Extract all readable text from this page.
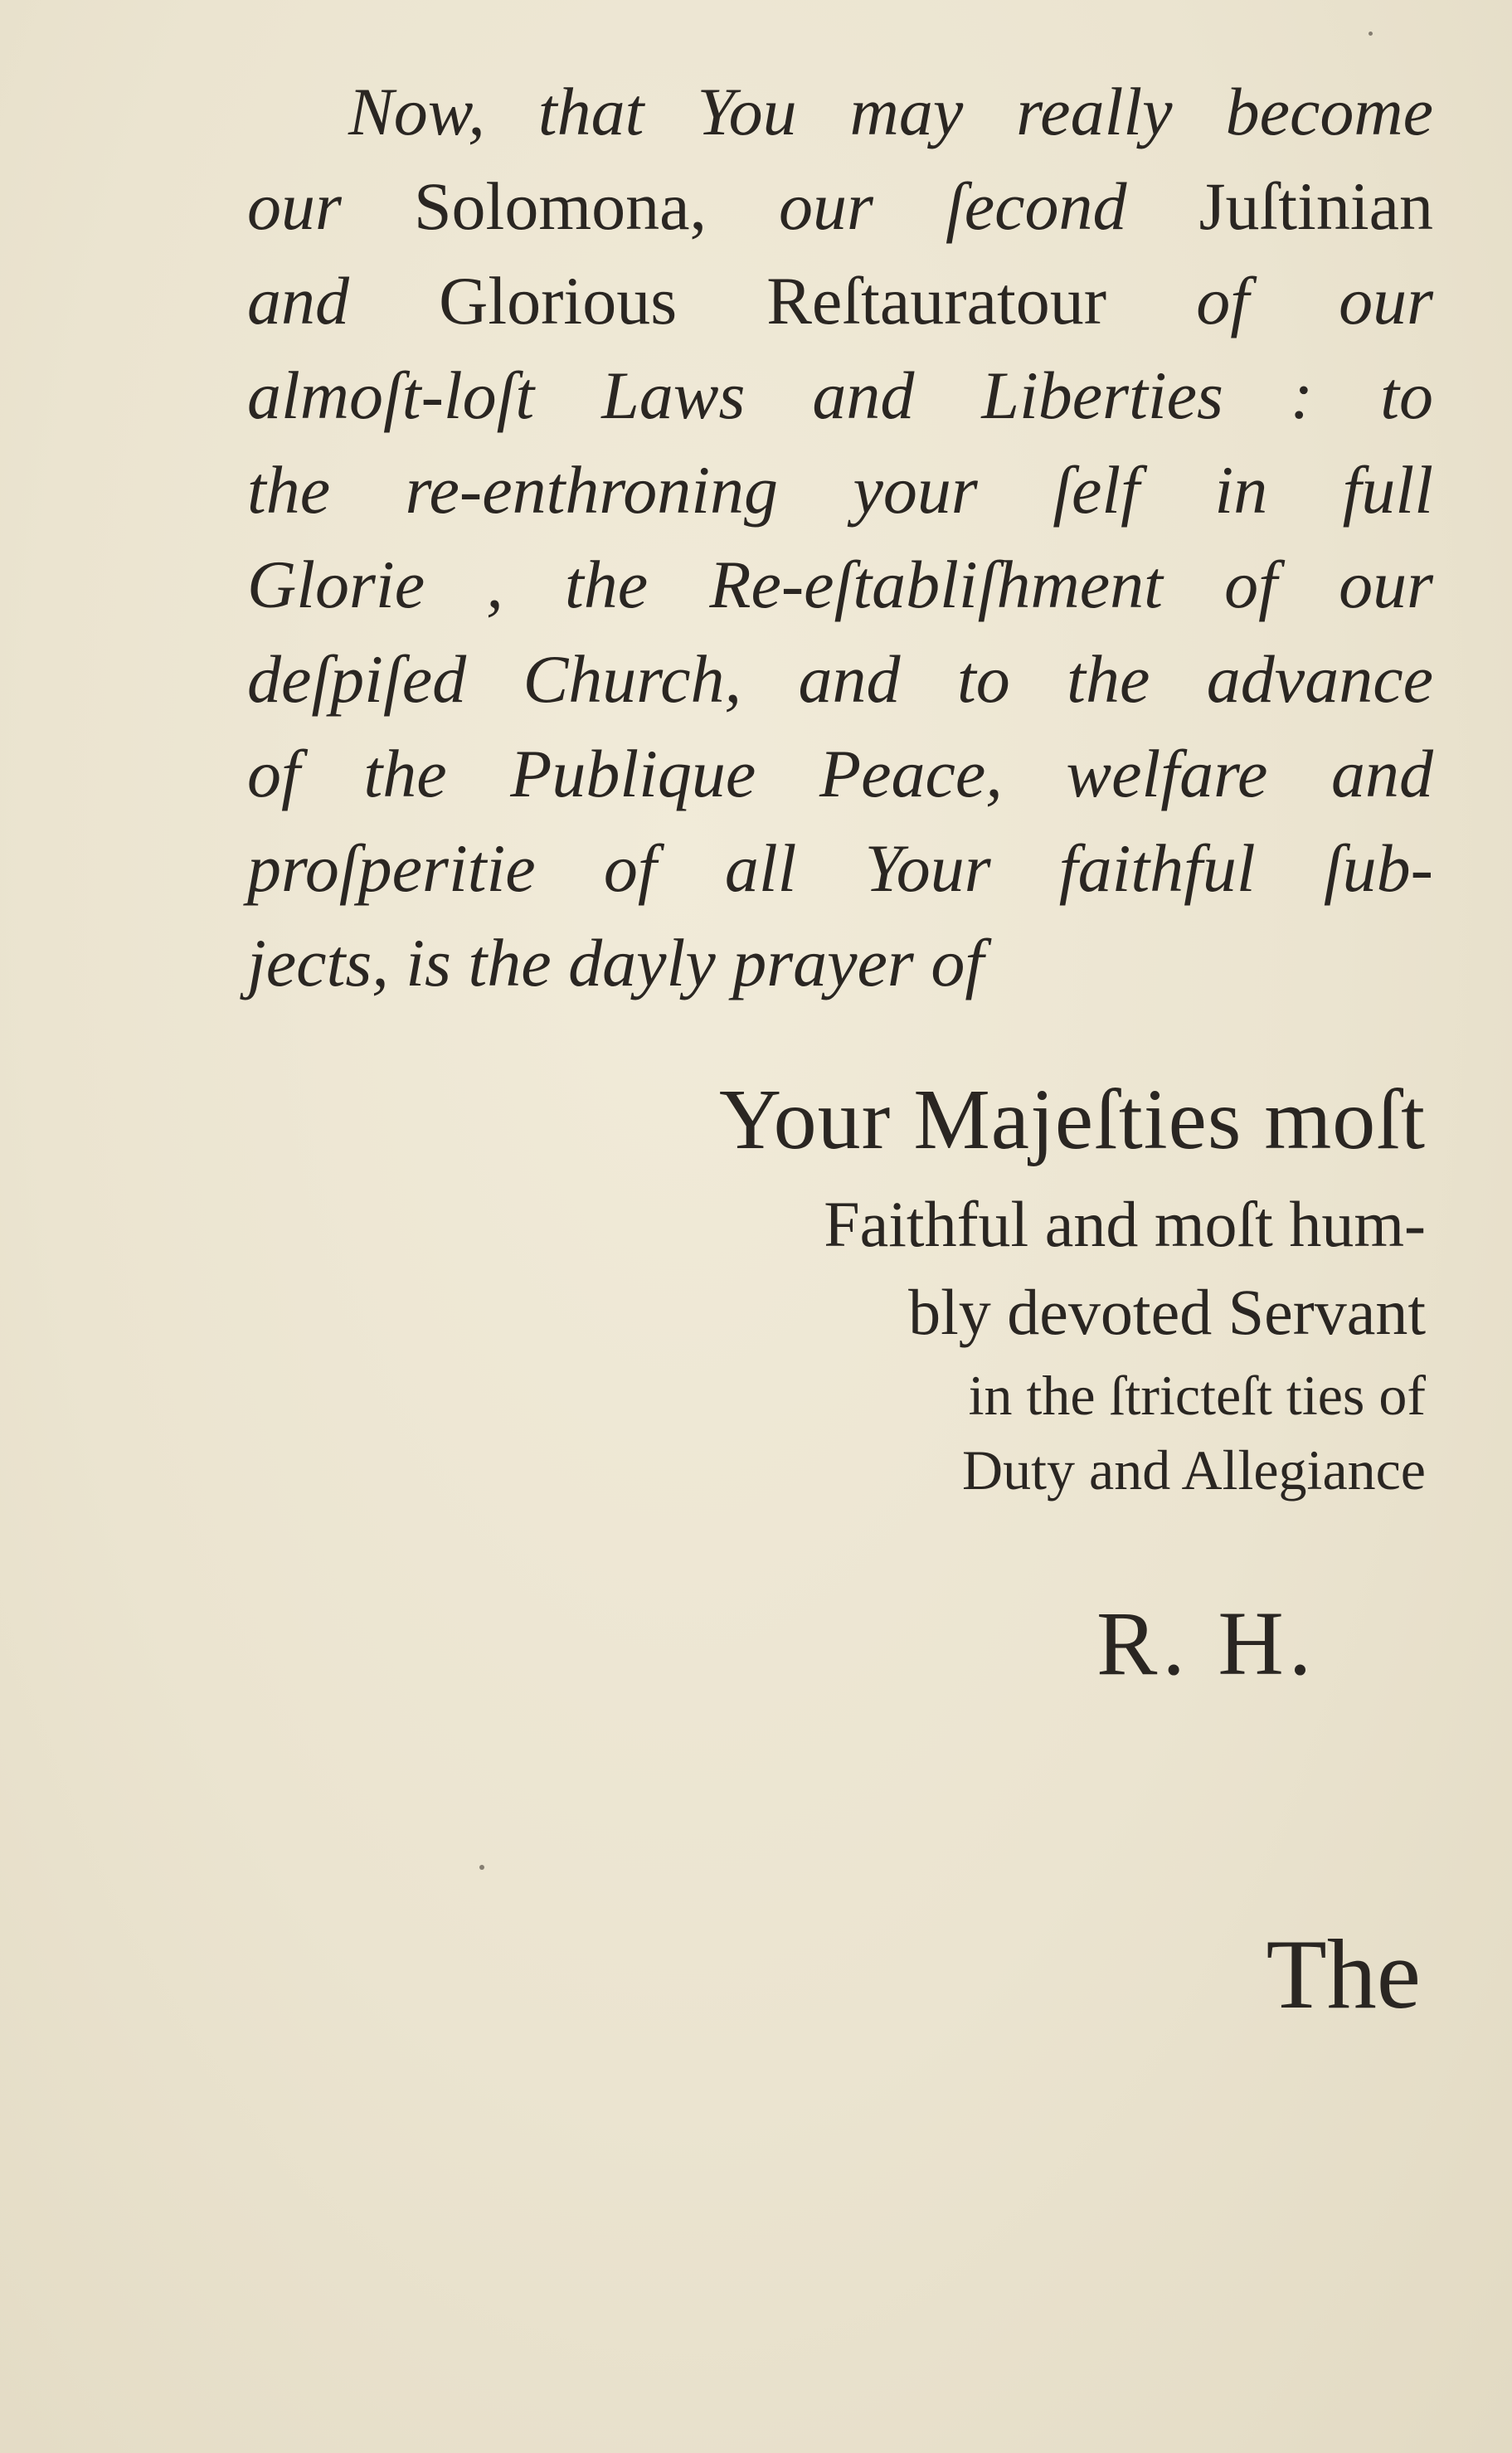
Now, that You may really become
our Solomona, our ſecond Juſtinian
and Glorious Reſtauratour of our
almoſt-loſt Laws and Liberties : to
the re-enthroning your ſelf in full
Glorie , the Re-eſtabliſhment of our
deſpiſed Church, and to the advance
of the Publique Peace, welfare and
proſperitie of all Your faithful ſub-
jects, is the dayly prayer of
Your Majeſties moſt
Faithful and moſt hum-
bly devoted Servant
in the ſtricteſt ties of
Duty and Allegiance
R. H.
The
